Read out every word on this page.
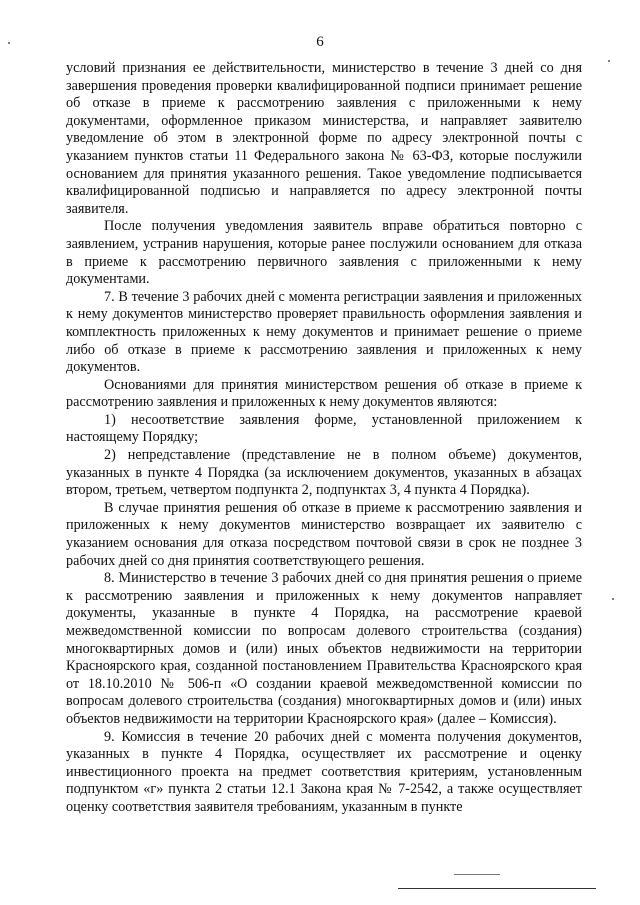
6

условий признания ее действительности, министерство в течение 3 дней со дня завершения проведения проверки квалифицированной подписи принимает решение об отказе в приеме к рассмотрению заявления с приложенными к нему документами, оформленное приказом министерства, и направляет заявителю уведомление об этом в электронной форме по адресу электронной почты с указанием пунктов статьи 11 Федерального закона № 63-ФЗ, которые послужили основанием для принятия указанного решения. Такое уведомление подписывается квалифицированной подписью и направляется по адресу электронной почты заявителя.

После получения уведомления заявитель вправе обратиться повторно с заявлением, устранив нарушения, которые ранее послужили основанием для отказа в приеме к рассмотрению первичного заявления с приложенными к нему документами.

7. В течение 3 рабочих дней с момента регистрации заявления и приложенных к нему документов министерство проверяет правильность оформления заявления и комплектность приложенных к нему документов и принимает решение о приеме либо об отказе в приеме к рассмотрению заявления и приложенных к нему документов.

Основаниями для принятия министерством решения об отказе в приеме к рассмотрению заявления и приложенных к нему документов являются:

1) несоответствие заявления форме, установленной приложением к настоящему Порядку;

2) непредставление (представление не в полном объеме) документов, указанных в пункте 4 Порядка (за исключением документов, указанных в абзацах втором, третьем, четвертом подпункта 2, подпунктах 3, 4 пункта 4 Порядка).

В случае принятия решения об отказе в приеме к рассмотрению заявления и приложенных к нему документов министерство возвращает их заявителю с указанием основания для отказа посредством почтовой связи в срок не позднее 3 рабочих дней со дня принятия соответствующего решения.

8. Министерство в течение 3 рабочих дней со дня принятия решения о приеме к рассмотрению заявления и приложенных к нему документов направляет документы, указанные в пункте 4 Порядка, на рассмотрение краевой межведомственной комиссии по вопросам долевого строительства (создания) многоквартирных домов и (или) иных объектов недвижимости на территории Красноярского края, созданной постановлением Правительства Красноярского края от 18.10.2010 № 506-п «О создании краевой межведомственной комиссии по вопросам долевого строительства (создания) многоквартирных домов и (или) иных объектов недвижимости на территории Красноярского края» (далее – Комиссия).

9. Комиссия в течение 20 рабочих дней с момента получения документов, указанных в пункте 4 Порядка, осуществляет их рассмотрение и оценку инвестиционного проекта на предмет соответствия критериям, установленным подпунктом «г» пункта 2 статьи 12.1 Закона края № 7-2542, а также осуществляет оценку соответствия заявителя требованиям, указанным в пункте
